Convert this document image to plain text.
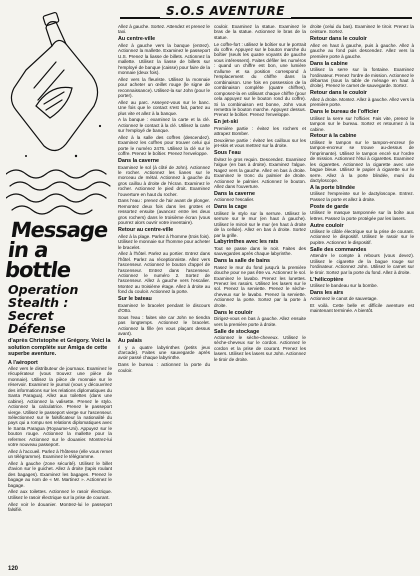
S.O.S AVENTURE
Message
in a bottle
Operation
Stealth :
Secret Défense
d'après Christophe et Grégory. Voici la solution complète sur Amiga de cette superbe aventure.
A l'aéroport

Allez vers le distributeur de journaux. Examinez le récupérateur (vous trouvez une pièce de monnaie). Utilisez la pièce de monnaie sur le réservoir. Examinez le journal (vous y découvrirez des informations sur les relations diplomatiques du Santa Paragua). Allez aux toilettes (dans une cabine). Actionnez la valisette. Prenez le stylo. Actionnez la calculatrice. Prenez le passeport vierge. Utilisez le passeport vierge sur l'ascenseur. Sélectionnez sur le falsificateur la nationalité du pays qui a rompu ses relations diplomatiques avec le Santa Paragua (Royaume-Uni). Appuyez sur le bouton rouge. Actionnez la mallette pour la refermer. Actionnez sur le douanier. Montrez-lui votre nouveau passeport.

Allez à l'accueil. Parlez à l'hôtesse (elle vous remet un télégramme). Examinez le télégramme.

Allez à gauche (zone sécurité). Utilisez le billet d'avion sur le guichet. Allez à droite (tapis roulant des bagages). Examinez les bagages. Prenez le bagage au nom de « Mr. Martinez ». Actionnez le bagage.

Allez aux toilettes. Actionnez le rasoir électrique. Utilisez le rasoir électrique sur la prise de courant.

Allez voir le douanier. Montrez-lui le passeport falsifié.

Allez à gauche. Sortez. Attendez et prenez le taxi.

Au centre-ville

Allez à gauche vers la banque (entrez). Actionnez la mallette. Examinez le passeport U.S. Prenez la liasse de billets. Actionnez la mallette. Utilisez la liasse de billets sur l'employé de banque (caisse) pour faire de la monnaie (deux fois).

Allez vers la fleuriste. Utilisez la monnaie pour acheter un œillet rouge (le signe de reconnaissance). Utilisez-la sur John (pour le porter).

Allez au parc. Asseyez-vous sur le banc. Une fois que le contact s'est fait, partez au plus vite et allez à la banque.

A la banque : examinez la carte et la clé. Actionnez le contact à la clé. Utilisez la carte sur l'employé de banque.

Allez à la salle des coffres (descendez). Examinez les coffres pour trouver celui qui porte le numéro 2475. Utilisez la clé sur le coffre. Prenez le boîtier. Prenez l'enveloppe.

Dans la caverne

Examinez le sol (à côté de John). Actionnez le rocher. Actionnez les lianes sur le morceau de métal. Actionnez à gauche du gros caillou à droite de l'écran. Examinez le rocher. Actionnez le pied droit. Examinez l'ouverture en haut du rocher.

Dans l'eau : prenez de l'air avant de plonger. Remontez deux fois dans les grottes et ressortez ensuite (avancez entre les deux gros rochers) dans le troisième écran (vous pourrez alors ouvrir votre inventaire).

Retour au centre-ville

Allez à la plage. Parlez à l'homme (trois fois). Utilisez le monnaie sur l'homme pour acheter le bracelet.

Allez à l'hôtel. Parlez au portier. Entrez dans l'hôtel. Parlez au réceptionniste. Allez vers l'ascenseur. Actionnez le bouton d'appel de l'ascenseur. Entrez dans l'ascenseur. Actionnez le numéro 2. Sortez de l'ascenseur. Allez à gauche vers l'escalier. Montez au troisième étage. Allez à droite au fond du couloir. Actionnez la porte.

Sur le bateau

Examinez le bracelet pendant le discours d'Otto.

Sous l'eau : faites vite car John ne tiendra pas longtemps. Actionnez le bracelet. Actionnez la fille (en vous plaçant dessus avant).

Au palais

Il y a quatre labyrinthes (petits jeux d'arcade). Faites une sauvegarde après avoir passé chaque labyrinthe.

Dans le bureau : actionnez la porte du couloir.

couloir. Examinez la statue. Examinez le bras de la statue. Actionnez le bras de la statue.

Le coffre-fort : utilisez le boîtier sur le portrait du coffre. Appuyez sur le bouton marche du boîtier (seuls les quatre voyants de gauche vous intéressent). Faites défiler les numéros : quand un chiffre est bon, une lumière s'allume et sa position correspond à l'emplacement du chiffre dans la combinaison. Une fois en possession de la combinaison complète (quatre chiffres), composez-la en utilisant chaque chiffre (pour cela appuyez sur le bouton rond du coffre). Si la combinaison est bonne, John vous remettra le bouton marche. Appuyez dessus. Prenez le boîtier. Prenez l'enveloppe.

En jet-ski

Première partie : évitez les rochers et attrapez Bomber.

Deuxième partie : évitez les cailloux sur les jet-skis et vous mettrez sur la droite.

Sous l'eau

Évitez le gros requin. Descendez. Examinez l'algue (en bas à droite). Examinez l'algue. Nagez vers la gauche. Allez en bas à droite. Examinez le tronc du palmier de droite. Actionnez le palmier. Actionnez le bouton. Allez dans l'ouverture.

Dans la caverne

Actionnez l'escalier.

Dans la cage

Utilisez le stylo sur la serrure. Utilisez le serrure sur le mur (en haut à gauche). Utilisez le miroir sur le mur (en haut à droite de la cellule). Allez en bas à droite. Sortez par la grille.

Labyrinthes avec les rats

Tout se passe dans le noir. Faites des sauvegardes après chaque labyrinthe.

Dans la salle de bains

Rasez le mur du fond jusqu'à la première douche pour ne pas être vu. Actionnez le sol. Examinez le lavabo. Prenez les lunettes. Prenez les rasoirs. Utilisez les lasers sur le sol. Prenez la serviette. Prenez le sèche-cheveux sur le lavabo. Prenez la serviette. Actionnez la porte. Sortez par la porte à droite.

Dans le couloir

Dirigez-vous en bas à gauche. Allez ensuite vers la première porte à droite.

Salle de stockage

Actionnez le sèche-cheveux. Utilisez le sèche-cheveux sur le cordon. Actionnez le cordon et la prise de courant. Prenez les lasers. Utilisez les lasers sur John. Actionnez le tiroir de droite.

droite (celui du bas). Examinez le tiroir. Prenez la ceinture. Sortez.

Retour dans le couloir

Allez en haut à gauche, puis à gauche. Allez à gauche au fond puis descendez. Allez vers la première porte à gauche.

Dans la cabine

Utilisez la serre sur la fontaine. Examinez l'ordinateur. Prenez l'ordre de mission. Actionnez le débarras (sous la table de ménage en haut à droite). Prenez le carnet de sauvegarde. Sortez.

Retour dans le couloir

Allez à droite. Montez. Allez à gauche. Allez vers la première porte.

Dans le bureau de l'officier

Utilisez la serre sur l'officier. Fais vite, prenez le tampon sur le bureau. Sortez et retournez à la cabine.

Retour à la cabine

Utilisez le tampon sur le tampon-encreur (le tampon-encreur se trouve au-dessus de l'imprimante). Utilisez le tampon encré sur l'ordre de mission. Actionnez l'étui à cigarettes. Examinez les cigarettes. Actionnez la cigarette avec une bague bleue. Utilisez le papier à cigarette sur le serre. Allez à la porte blindée, muni du dactyloscope.

A la porte blindée

Utilisez l'empreinte sur le dactyloscope. Entrez. Passez la porte et allez à droite.

Poste de garde

Utilisez le masque tamponnée sur la boîte aux lettres. Passez la porte protégée par les lasers.

Autre couloir

Utilisez le câble électrique sur la prise de courant. Actionnez le dispositif. Utilisez le rasoir sur le pupitre. Actionnez le dispositif.

Salle des commandes

Attendre le compte à rebours (vous devez). Utilisez le cigarette de la bague rouge sur l'ordinateur. Actionnez John. Utilisez le carnet sur le tiroir. Sortez par la porte du fond. Allez à droite.

L'hélicoptère

Utilisez le bandeau sur la bombe.

Dans les airs

Actionnez le canot de sauvetage.

Et voilà. Cette belle et difficile aventure est maintenant terminée. A bientôt.

120
